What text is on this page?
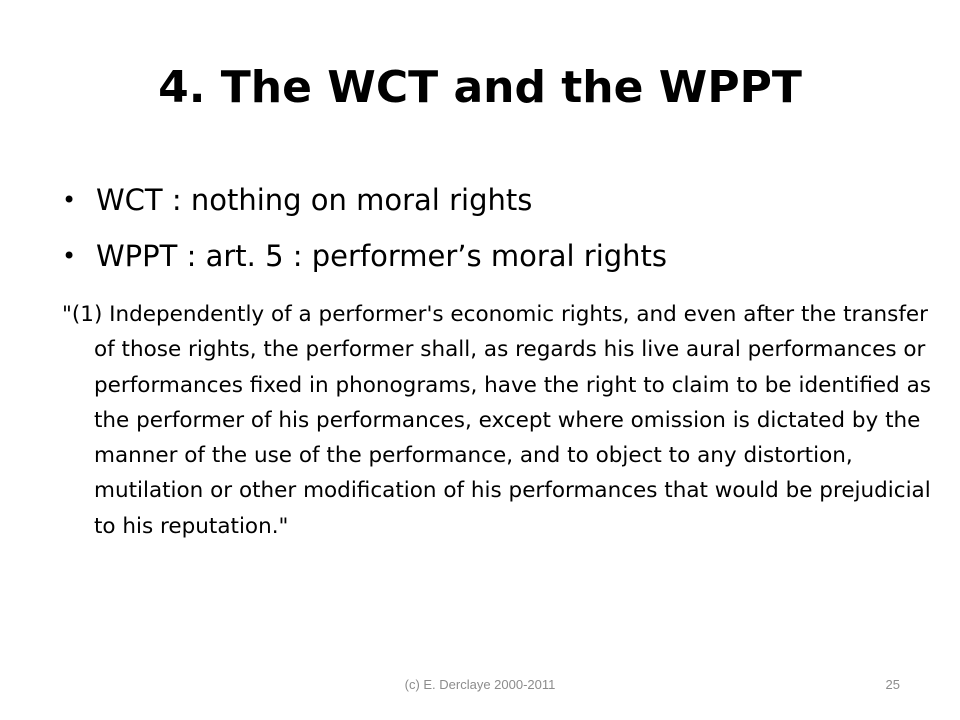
4. The WCT and the WPPT
• WCT : nothing on moral rights
• WPPT : art. 5 : performer’s moral rights

"(1) Independently of a performer's economic rights, and even after the transfer of those rights, the performer shall, as regards his live aural performances or performances fixed in phonograms, have the right to claim to be identified as the performer of his performances, except where omission is dictated by the manner of the use of the performance, and to object to any distortion, mutilation or other modification of his performances that would be prejudicial to his reputation."

(c) E. Derclaye 2000-2011	25
